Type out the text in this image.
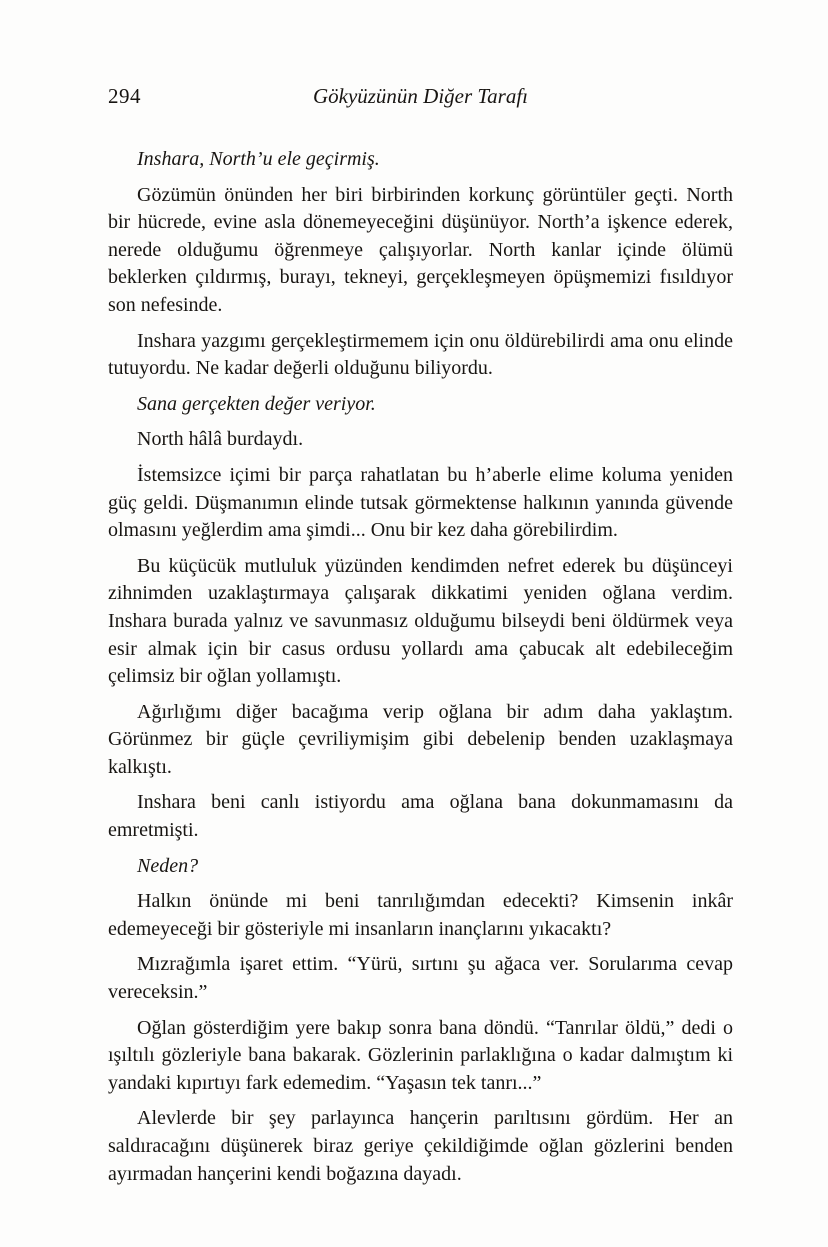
294	Gökyüzünün Diğer Tarafı

Inshara, North’u ele geçirmiş.

Gözümün önünden her biri birbirinden korkunç görüntüler geçti. North bir hücrede, evine asla dönemeyeceğini düşünüyor. North’a işkence ederek, nerede olduğumu öğrenmeye çalışıyorlar. North kanlar içinde ölümü beklerken çıldırmış, burayı, tekneyi, gerçekleşmeyen öpüşmemizi fısıldıyor son nefesinde.

Inshara yazgımı gerçekleştirmemem için onu öldürebilirdi ama onu elinde tutuyordu. Ne kadar değerli olduğunu biliyordu.

Sana gerçekten değer veriyor.

North hâlâ burdaydı.

İstemsizce içimi bir parça rahatlatan bu h’aberle elime koluma yeniden güç geldi. Düşmanımın elinde tutsak görmektense halkının yanında güvende olmasını yeğlerdim ama şimdi... Onu bir kez daha görebilirdim.

Bu küçücük mutluluk yüzünden kendimden nefret ederek bu düşünceyi zihnimden uzaklaştırmaya çalışarak dikkatimi yeniden oğlana verdim. Inshara burada yalnız ve savunmasız olduğumu bilseydi beni öldürmek veya esir almak için bir casus ordusu yollardı ama çabucak alt edebileceğim çelimsiz bir oğlan yollamıştı.

Ağırlığımı diğer bacağıma verip oğlana bir adım daha yaklaştım. Görünmez bir güçle çevriliymişim gibi debelenip benden uzaklaşmaya kalkıştı.

Inshara beni canlı istiyordu ama oğlana bana dokunmamasını da emretmişti.

Neden?

Halkın önünde mi beni tanrılığımdan edecekti? Kimsenin inkâr edemeyeceği bir gösteriyle mi insanların inançlarını yıkacaktı?

Mızrağımla işaret ettim. “Yürü, sırtını şu ağaca ver. Sorularıma cevap vereceksin.”

Oğlan gösterdiğim yere bakıp sonra bana döndü. “Tanrılar öldü,” dedi o ışıltılı gözleriyle bana bakarak. Gözlerinin parlaklığına o kadar dalmıştım ki yandaki kıpırtıyı fark edemedim. “Yaşasın tek tanrı...”

Alevlerde bir şey parlayınca hançerin parıltısını gördüm. Her an saldıracağını düşünerek biraz geriye çekildiğimde oğlan gözlerini benden ayırmadan hançerini kendi boğazına dayadı.
